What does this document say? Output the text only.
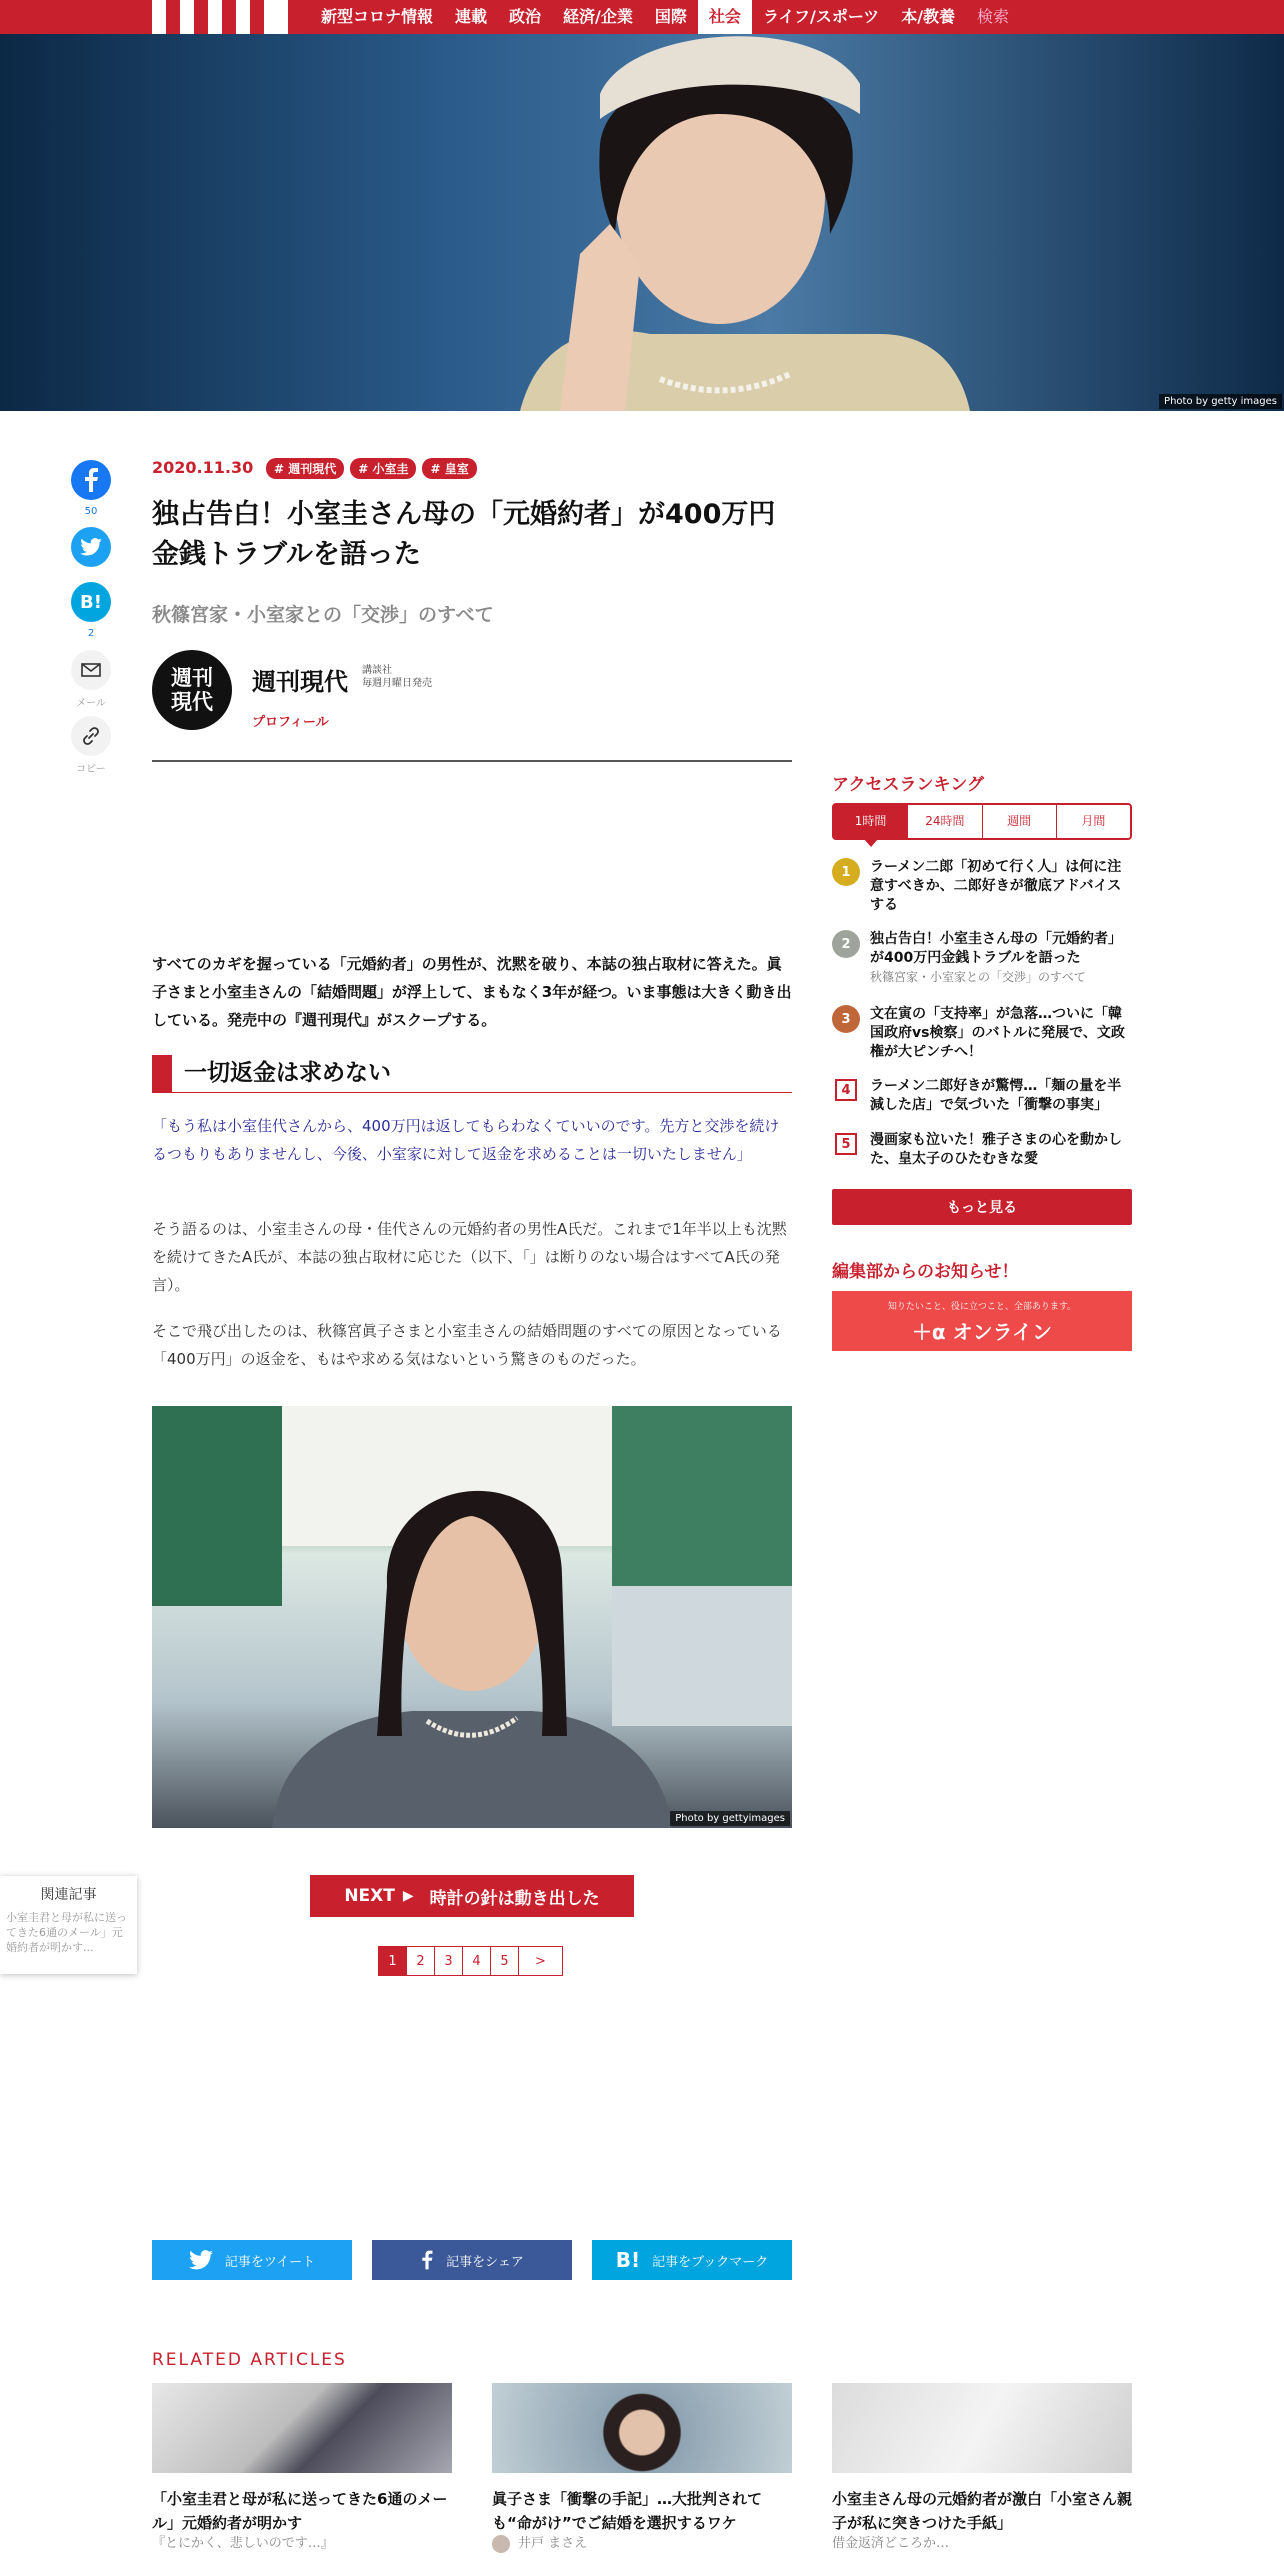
新型コロナ情報	連載	政治	経済/企業	国際	社会	ライフ/スポーツ	本/教養	検索
Photo by getty images
50
B!
2
メール
コピー
2020.11.30	# 週刊現代	# 小室圭	# 皇室
独占告白！小室圭さん母の「元婚約者」が400万円金銭トラブルを語った
秋篠宮家・小室家との「交渉」のすべて
週刊
現代
週刊現代 講談社
毎週月曜日発売
プロフィール

すべてのカギを握っている「元婚約者」の男性が、沈黙を破り、本誌の独占取材に答えた。眞子さまと小室圭さんの「結婚問題」が浮上して、まもなく3年が経つ。いま事態は大きく動き出している。発売中の『週刊現代』がスクープする。

一切返金は求めない

「もう私は小室佳代さんから、400万円は返してもらわなくていいのです。先方と交渉を続けるつもりもありませんし、今後、小室家に対して返金を求めることは一切いたしません」

そう語るのは、小室圭さんの母・佳代さんの元婚約者の男性A氏だ。これまで1年半以上も沈黙を続けてきたA氏が、本誌の独占取材に応じた（以下、「」は断りのない場合はすべてA氏の発言）。

そこで飛び出したのは、秋篠宮眞子さまと小室圭さんの結婚問題のすべての原因となっている「400万円」の返金を、もはや求める気はないという驚きのものだった。

Photo by gettyimages
NEXT ▶ 時計の針は動き出した
1	2	3	4	5	>
関連記事
小室圭君と母が私に送ってきた6通のメール」元婚約者が明かす...
記事をツイート	記事をシェア	B! 記事をブックマーク
RELATED ARTICLES
「小室圭君と母が私に送ってきた6通のメール」元婚約者が明かす
『とにかく、悲しいのです…』
眞子さま「衝撃の手記」…大批判されても“命がけ”でご結婚を選択するワケ
井戸 まさえ
小室圭さん母の元婚約者が激白「小室さん親子が私に突きつけた手紙」
借金返済どころか…
アクセスランキング
1時間	24時間	週間	月間
1	ラーメン二郎「初めて行く人」は何に注意すべきか、二郎好きが徹底アドバイスする
2	独占告白！小室圭さん母の「元婚約者」が400万円金銭トラブルを語った
秋篠宮家・小室家との「交渉」のすべて
3	文在寅の「支持率」が急落…ついに「韓国政府vs検察」のバトルに発展で、文政権が大ピンチへ！
4	ラーメン二郎好きが驚愕…「麺の量を半減した店」で気づいた「衝撃の事実」
5	漫画家も泣いた！雅子さまの心を動かした、皇太子のひたむきな愛
もっと見る
編集部からのお知らせ！
知りたいこと、役に立つこと、全部あります。
＋α オンライン
